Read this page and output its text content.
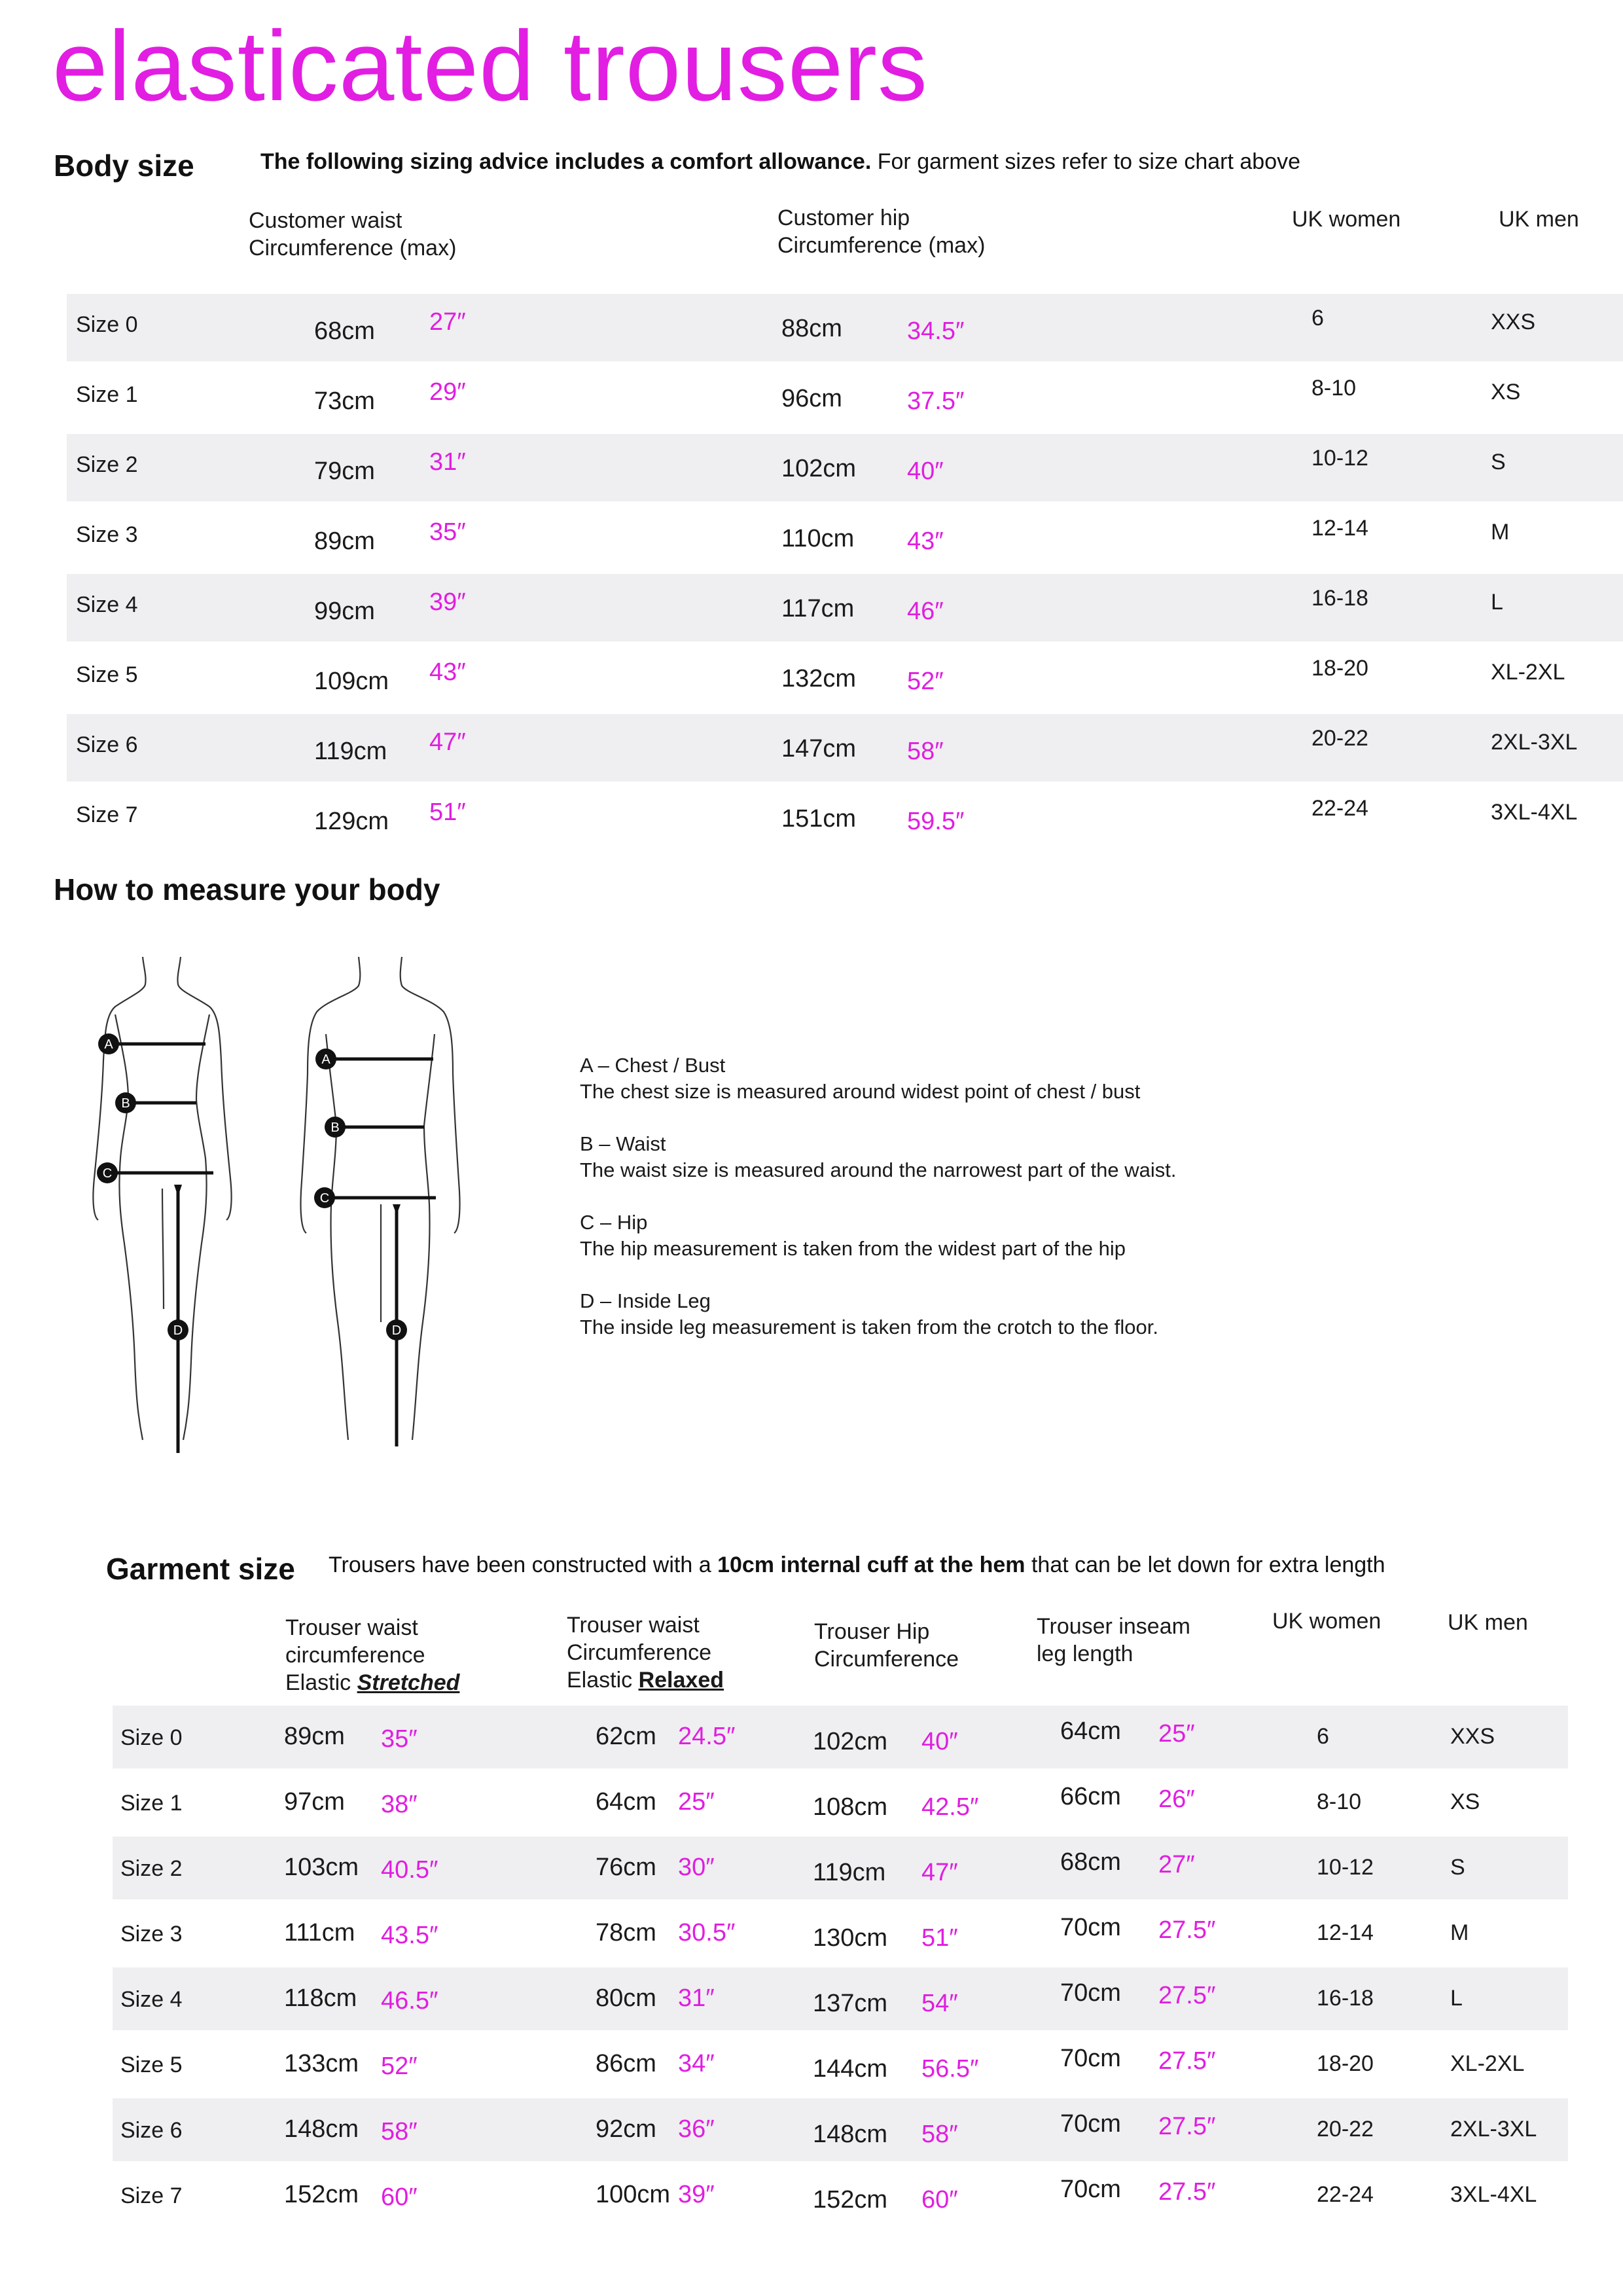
elasticated trousers
Body size	The following sizing advice includes a comfort allowance. For garment sizes refer to size chart above
Customer waist
Circumference (max)
Customer hip
Circumference (max)
UK women	UK men
Size 0	68cm 27″	88cm	34.5″	6	XXS
Size 1	73cm 29″	96cm	37.5″	8-10	XS
Size 2	79cm 31″	102cm 40″	10-12	S
Size 3	89cm 35″	110cm 43″	12-14	M
Size 4	99cm 39″	117cm 46″	16-18	L
Size 5	109cm 43″	132cm 52″	18-20	XL-2XL
Size 6	119cm 47″	147cm 58″	20-22	2XL-3XL
Size 7	129cm 51″	151cm 59.5″	22-24	3XL-4XL
How to measure your body
A
B
C
D
A
B
C
D

A – Chest / Bust
The chest size is measured around widest point of chest / bust

B – Waist
The waist size is measured around the narrowest part of the waist.

C – Hip
The hip measurement is taken from the widest part of the hip

D – Inside Leg
The inside leg measurement is taken from the crotch to the floor.

Garment size Trousers have been constructed with a 10cm internal cuff at the hem that can be let down for extra length
Trouser waist
circumference
Elastic Stretched
Trouser waist
Circumference
Elastic Relaxed
Trouser Hip
Circumference
Trouser inseam
leg length
UK women	UK men
Size 0	89cm 35″	62cm 24.5″	102cm 40″	64cm 25″	6	XXS
Size 1	97cm 38″	64cm 25″	108cm 42.5″	66cm 26″	8-10	XS
Size 2	103cm 40.5″	76cm 30″	119cm 47″	68cm 27″	10-12	S
Size 3	111cm 43.5″	78cm 30.5″	130cm 51″	70cm 27.5″	12-14	M
Size 4	118cm 46.5″	80cm 31″	137cm 54″	70cm 27.5″	16-18	L
Size 5	133cm 52″	86cm 34″	144cm 56.5″	70cm 27.5″	18-20	XL-2XL
Size 6	148cm 58″	92cm 36″	148cm 58″	70cm 27.5″	20-22	2XL-3XL
Size 7	152cm 60″	100cm 39″	152cm 60″	70cm 27.5″	22-24	3XL-4XL
